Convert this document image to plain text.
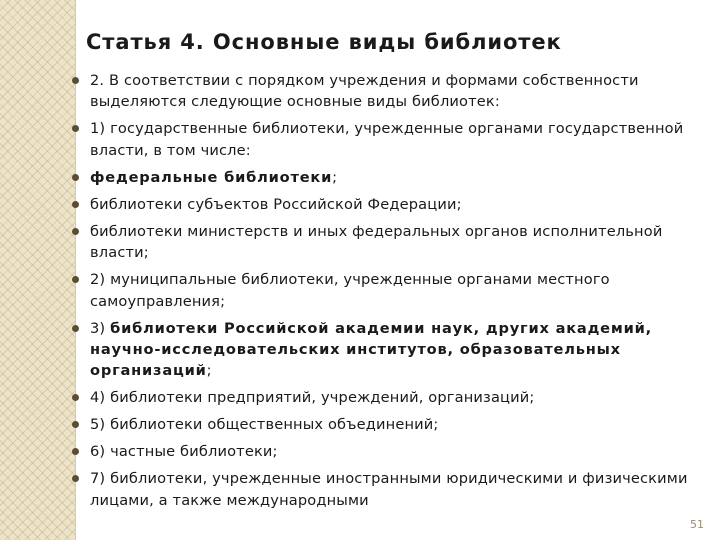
Статья 4. Основные виды библиотек
2. В соответствии с порядком учреждения и формами собственности выделяются следующие основные виды библиотек:
1) государственные библиотеки, учрежденные органами государственной власти, в том числе:
федеральные библиотеки;
библиотеки субъектов Российской Федерации;
библиотеки министерств и иных федеральных органов исполнительной власти;
2) муниципальные библиотеки, учрежденные органами местного самоуправления;
3) библиотеки Российской академии наук, других академий, научно-исследовательских институтов, образовательных организаций;
4) библиотеки предприятий, учреждений, организаций;
5) библиотеки общественных объединений;
6) частные библиотеки;
7) библиотеки, учрежденные иностранными юридическими и физическими лицами, а также международными
51
